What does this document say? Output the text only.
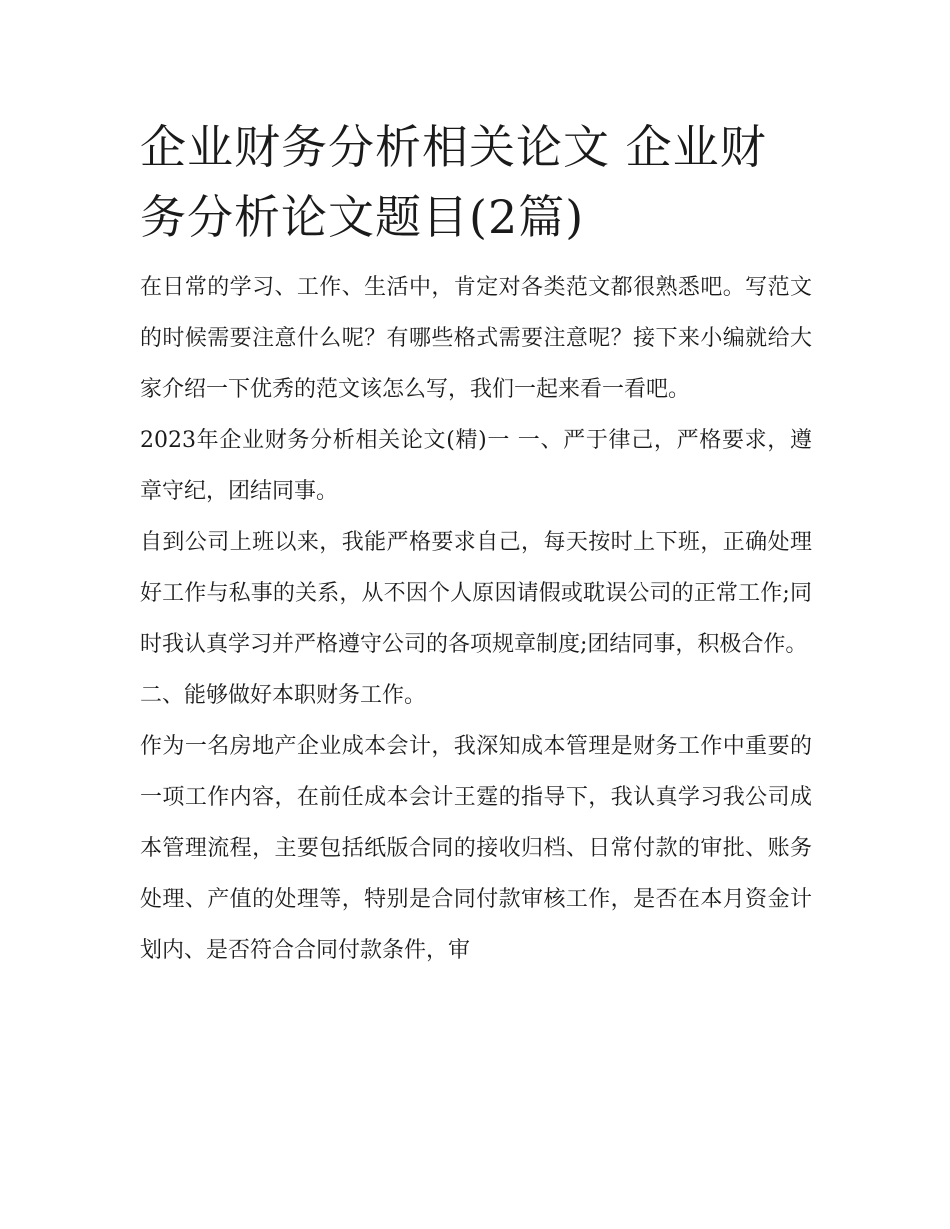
企业财务分析相关论文 企业财务分析论文题目(2篇)

在日常的学习、工作、生活中，肯定对各类范文都很熟悉吧。写范文的时候需要注意什么呢？有哪些格式需要注意呢？接下来小编就给大家介绍一下优秀的范文该怎么写，我们一起来看一看吧。

2023年企业财务分析相关论文(精)一 一、严于律己，严格要求，遵章守纪，团结同事。

自到公司上班以来，我能严格要求自己，每天按时上下班，正确处理好工作与私事的关系，从不因个人原因请假或耽误公司的正常工作;同时我认真学习并严格遵守公司的各项规章制度;团结同事，积极合作。

二、能够做好本职财务工作。

作为一名房地产企业成本会计，我深知成本管理是财务工作中重要的一项工作内容，在前任成本会计王霆的指导下，我认真学习我公司成本管理流程，主要包括纸版合同的接收归档、日常付款的审批、账务处理、产值的处理等，特别是合同付款审核工作，是否在本月资金计划内、是否符合合同付款条件，审
